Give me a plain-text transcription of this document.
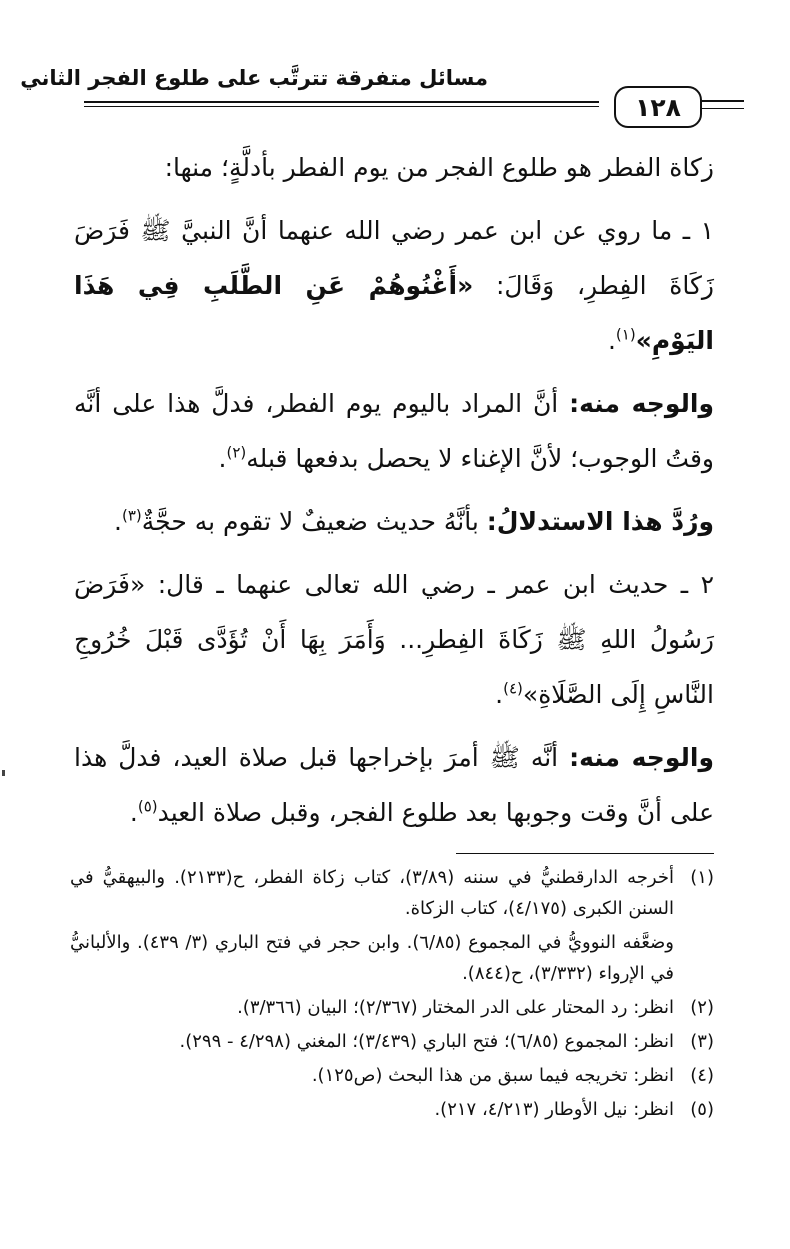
مسائل متفرقة تترتَّب على طلوع الفجر الثاني
١٢٨

زكاة الفطر هو طلوع الفجر من يوم الفطر بأدلَّةٍ؛ منها:

١ ـ ما روي عن ابن عمر رضي الله عنهما أنَّ النبيَّ ﷺ فَرَضَ زَكَاةَ الفِطرِ، وَقَالَ: «أَغْنُوهُمْ عَنِ الطَّلَبِ فِي هَذَا اليَوْمِ»$^{(١)}$.

والوجه منه: أنَّ المراد باليوم يوم الفطر، فدلَّ هذا على أنَّه وقتُ الوجوب؛ لأنَّ الإغناء لا يحصل بدفعها قبله$^{(٢)}$.

ورُدَّ هذا الاستدلالُ: بأنَّهُ حديث ضعيفٌ لا تقوم به حجَّةٌ$^{(٣)}$.

٢ ـ حديث ابن عمر ـ رضي الله تعالى عنهما ـ قال: «فَرَضَ رَسُولُ اللهِ ﷺ زَكَاةَ الفِطرِ... وَأَمَرَ بِهَا أَنْ تُؤَدَّى قَبْلَ خُرُوجِ النَّاسِ إِلَى الصَّلَاةِ»$^{(٤)}$.

والوجه منه: أنَّه ﷺ أمرَ بإخراجها قبل صلاة العيد، فدلَّ هذا على أنَّ وقت وجوبها بعد طلوع الفجر، وقبل صلاة العيد$^{(٥)}$.

(١)
أخرجه الدارقطنيُّ في سننه (٣/٨٩)، كتاب زكاة الفطر، ح(٢١٣٣). والبيهقيُّ في السنن الكبرى (٤/١٧٥)، كتاب الزكاة.
وضعَّفه النوويُّ في المجموع (٦/٨٥). وابن حجر في فتح الباري (٣/ ٤٣٩). والألبانيُّ في الإرواء (٣/٣٣٢)، ح(٨٤٤).
(٢)
انظر: رد المحتار على الدر المختار (٢/٣٦٧)؛ البيان (٣/٣٦٦).
(٣)
انظر: المجموع (٦/٨٥)؛ فتح الباري (٣/٤٣٩)؛ المغني (٤/٢٩٨ - ٢٩٩).
(٤)
انظر: تخريجه فيما سبق من هذا البحث (ص١٢٥).
(٥)
انظر: نيل الأوطار (٤/٢١٣، ٢١٧).
